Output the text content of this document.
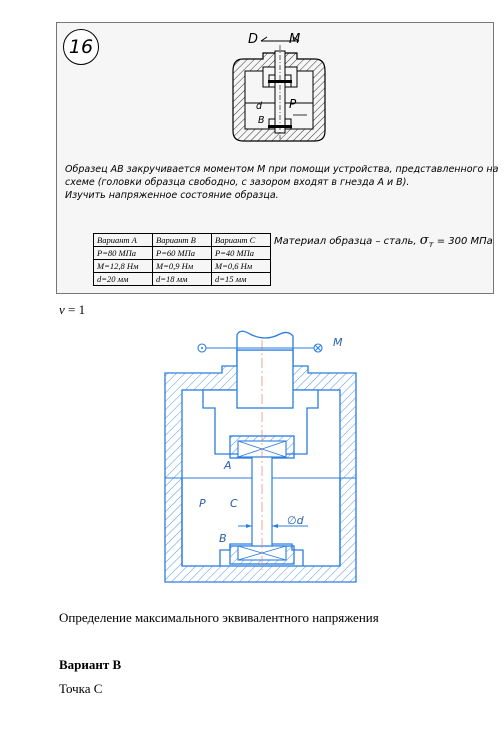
16	D M
P
d
B
Образец AB закручивается моментом M при помощи устройства, представленного на
схеме (головки образца свободно, с зазором входят в гнезда A и B).
Изучить напряженное состояние образца.
Вариант A	Вариант B	Вариант C
P=80 МПа	P=60 МПа	P=40 МПа
M=12,8 Нм	M=0,9 Нм	M=0,6 Нм
d=20 мм	d=18 мм	d=15 мм
Материал образца – сталь, $\sigma_т = 300$ МПа
ν = 1
M
A
P C
∅d
B

Определение максимального эквивалентного напряжения

Вариант B

Точка C
